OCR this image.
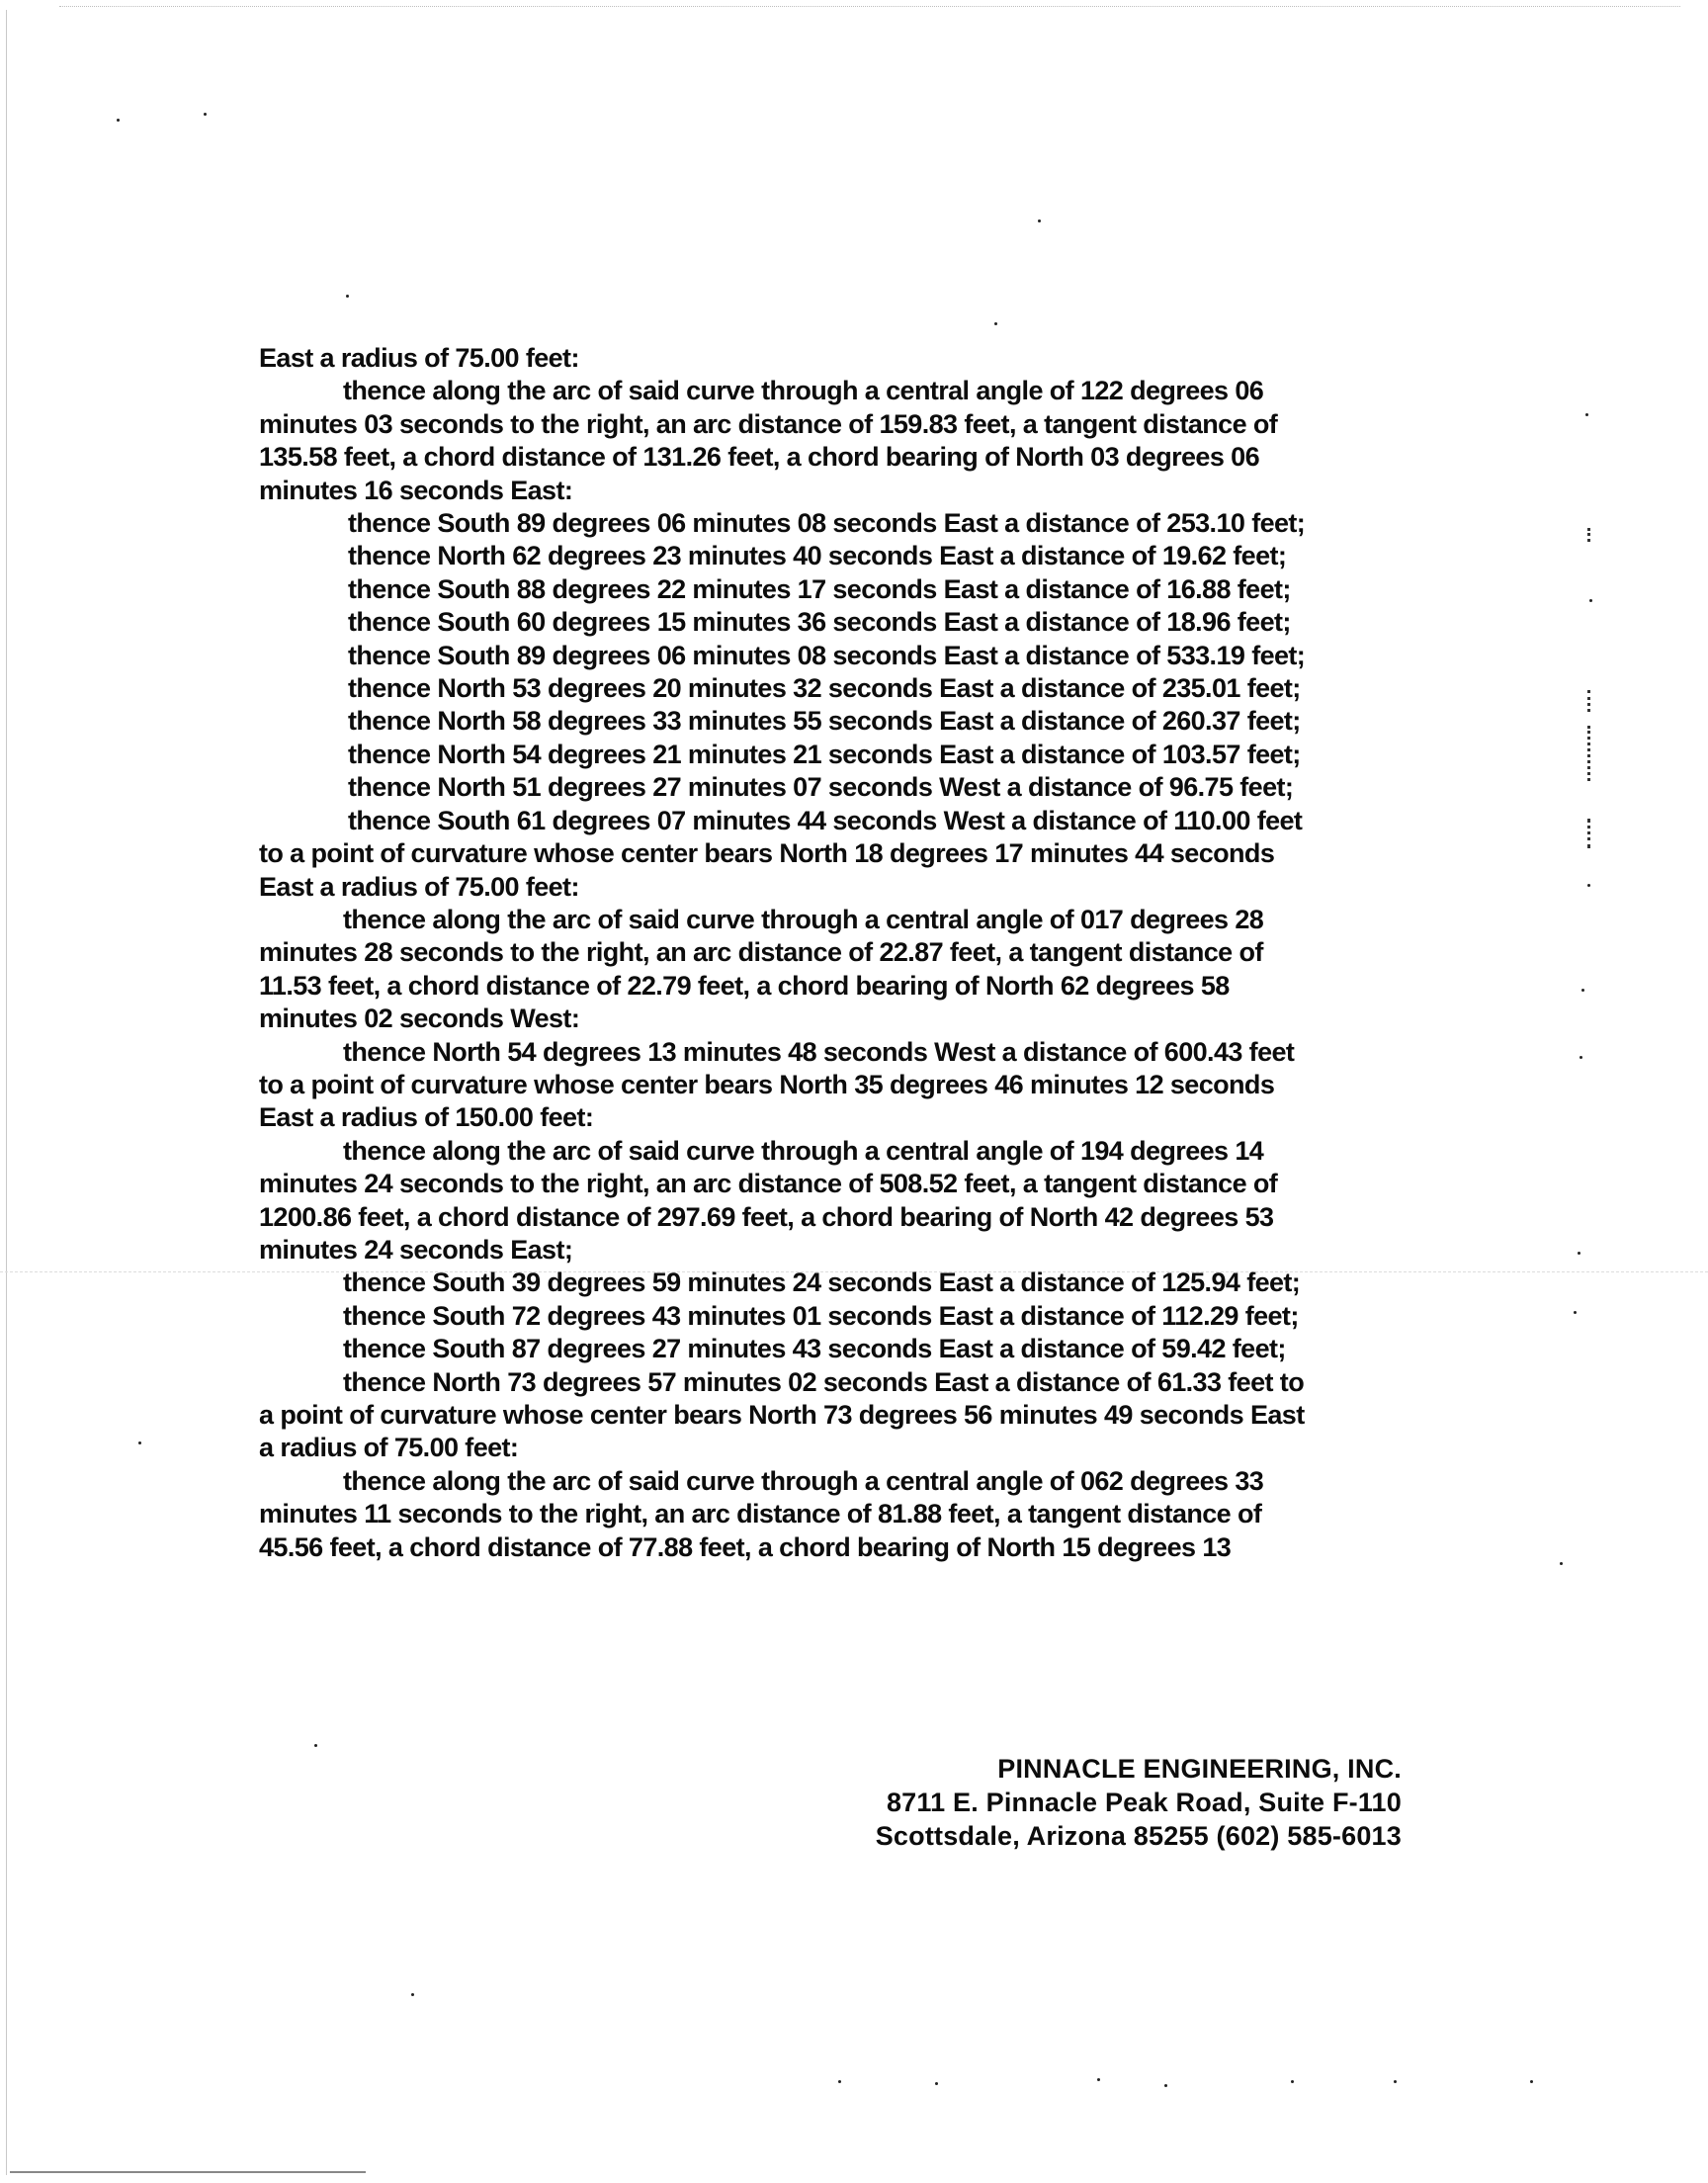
East a radius of 75.00 feet:
thence along the arc of said curve through a central angle of 122 degrees 06
minutes 03 seconds to the right, an arc distance of 159.83 feet, a tangent distance of
135.58 feet, a chord distance of 131.26 feet, a chord bearing of North 03 degrees 06
minutes 16 seconds East:
thence South 89 degrees 06 minutes 08 seconds East a distance of 253.10 feet;
thence North 62 degrees 23 minutes 40 seconds East a distance of 19.62 feet;
thence South 88 degrees 22 minutes 17 seconds East a distance of 16.88 feet;
thence South 60 degrees 15 minutes 36 seconds East a distance of 18.96 feet;
thence South 89 degrees 06 minutes 08 seconds East a distance of 533.19 feet;
thence North 53 degrees 20 minutes 32 seconds East a distance of 235.01 feet;
thence North 58 degrees 33 minutes 55 seconds East a distance of 260.37 feet;
thence North 54 degrees 21 minutes 21 seconds East a distance of 103.57 feet;
thence North 51 degrees 27 minutes 07 seconds West a distance of 96.75 feet;
thence South 61 degrees 07 minutes 44 seconds West a distance of 110.00 feet
to a point of curvature whose center bears North 18 degrees 17 minutes 44 seconds
East a radius of 75.00 feet:
thence along the arc of said curve through a central angle of 017 degrees 28
minutes 28 seconds to the right, an arc distance of 22.87 feet, a tangent distance of
11.53 feet, a chord distance of 22.79 feet, a chord bearing of North 62 degrees 58
minutes 02 seconds West:
thence North 54 degrees 13 minutes 48 seconds West a distance of 600.43 feet
to a point of curvature whose center bears North 35 degrees 46 minutes 12 seconds
East a radius of 150.00 feet:
thence along the arc of said curve through a central angle of 194 degrees 14
minutes 24 seconds to the right, an arc distance of 508.52 feet, a tangent distance of
1200.86 feet, a chord distance of 297.69 feet, a chord bearing of North 42 degrees 53
minutes 24 seconds East;
thence South 39 degrees 59 minutes 24 seconds East a distance of 125.94 feet;
thence South 72 degrees 43 minutes 01 seconds East a distance of 112.29 feet;
thence South 87 degrees 27 minutes 43 seconds East a distance of 59.42 feet;
thence North 73 degrees 57 minutes 02 seconds East a distance of 61.33 feet to
a point of curvature whose center bears North 73 degrees 56 minutes 49 seconds East
a radius of 75.00 feet:
thence along the arc of said curve through a central angle of 062 degrees 33
minutes 11 seconds to the right, an arc distance of 81.88 feet, a tangent distance of
45.56 feet, a chord distance of 77.88 feet, a chord bearing of North 15 degrees 13
PINNACLE ENGINEERING, INC.
8711 E. Pinnacle Peak Road, Suite F-110
Scottsdale, Arizona 85255 (602) 585-6013
